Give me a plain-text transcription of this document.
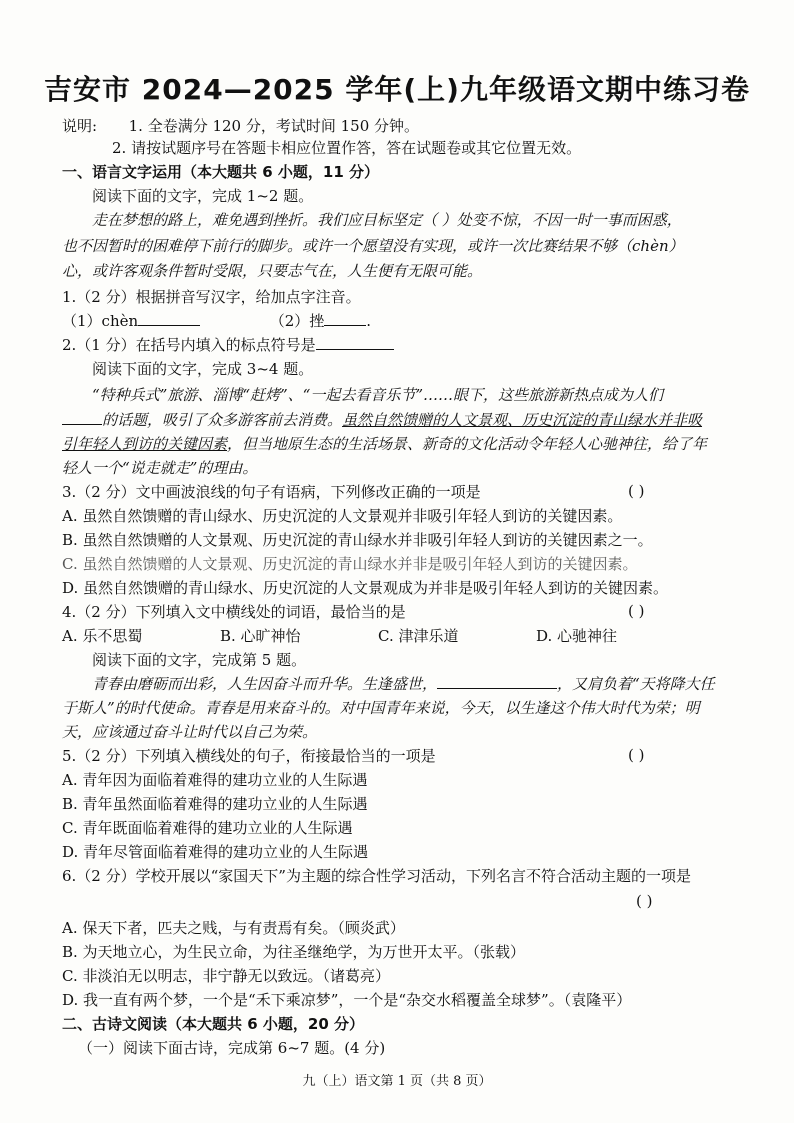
吉安市 2024—2025 学年(上)九年级语文期中练习卷
说明: 1. 全卷满分 120 分，考试时间 150 分钟。
2. 请按试题序号在答题卡相应位置作答，答在试题卷或其它位置无效。
一、语言文字运用（本大题共 6 小题，11 分）
阅读下面的文字，完成 1~2 题。
走在梦想的路上，难免遇到挫折。我们应目标坚定（ ）处变不惊，不因一时一事而困惑，
也不因暂时的困难停下前行的脚步。或许一个愿望没有实现，或许一次比赛结果不够（chèn）
心，或许客观条件暂时受限，只要志气在，人生便有无限可能。
1.（2 分）根据拼音写汉字，给加点字注音。
（1）chèn	（2）挫	.
2.（1 分）在括号内填入的标点符号是
阅读下面的文字，完成 3~4 题。
“特种兵式”旅游、淄博“赶烤”、“一起去看音乐节”……眼下，这些旅游新热点成为人们
的话题，吸引了众多游客前去消费。虽然自然馈赠的人文景观、历史沉淀的青山绿水并非吸
引年轻人到访的关键因素，但当地原生态的生活场景、新奇的文化活动令年轻人心驰神往，给了年
轻人一个“说走就走”的理由。
3.（2 分）文中画波浪线的句子有语病，下列修改正确的一项是	( )
A. 虽然自然馈赠的青山绿水、历史沉淀的人文景观并非吸引年轻人到访的关键因素。
B. 虽然自然馈赠的人文景观、历史沉淀的青山绿水并非吸引年轻人到访的关键因素之一。
C. 虽然自然馈赠的人文景观、历史沉淀的青山绿水并非是吸引年轻人到访的关键因素。
D. 虽然自然馈赠的青山绿水、历史沉淀的人文景观成为并非是吸引年轻人到访的关键因素。
4.（2 分）下列填入文中横线处的词语，最恰当的是	( )
A. 乐不思蜀	B. 心旷神怡	C. 津津乐道	D. 心驰神往
阅读下面的文字，完成第 5 题。
青春由磨砺而出彩，人生因奋斗而升华。生逢盛世，	，又肩负着“天将降大任
于斯人”的时代使命。青春是用来奋斗的。对中国青年来说，今天，以生逢这个伟大时代为荣；明
天，应该通过奋斗让时代以自己为荣。
5.（2 分）下列填入横线处的句子，衔接最恰当的一项是	( )
A. 青年因为面临着难得的建功立业的人生际遇
B. 青年虽然面临着难得的建功立业的人生际遇
C. 青年既面临着难得的建功立业的人生际遇
D. 青年尽管面临着难得的建功立业的人生际遇
6.（2 分）学校开展以“家国天下”为主题的综合性学习活动，下列名言不符合活动主题的一项是
( )
A. 保天下者，匹夫之贱，与有责焉有矣。（顾炎武）
B. 为天地立心，为生民立命，为往圣继绝学，为万世开太平。（张载）
C. 非淡泊无以明志，非宁静无以致远。（诸葛亮）
D. 我一直有两个梦，一个是“禾下乘凉梦”，一个是“杂交水稻覆盖全球梦”。（袁隆平）
二、古诗文阅读（本大题共 6 小题，20 分）
（一）阅读下面古诗，完成第 6~7 题。(4 分)
九（上）语文第 1 页（共 8 页）
